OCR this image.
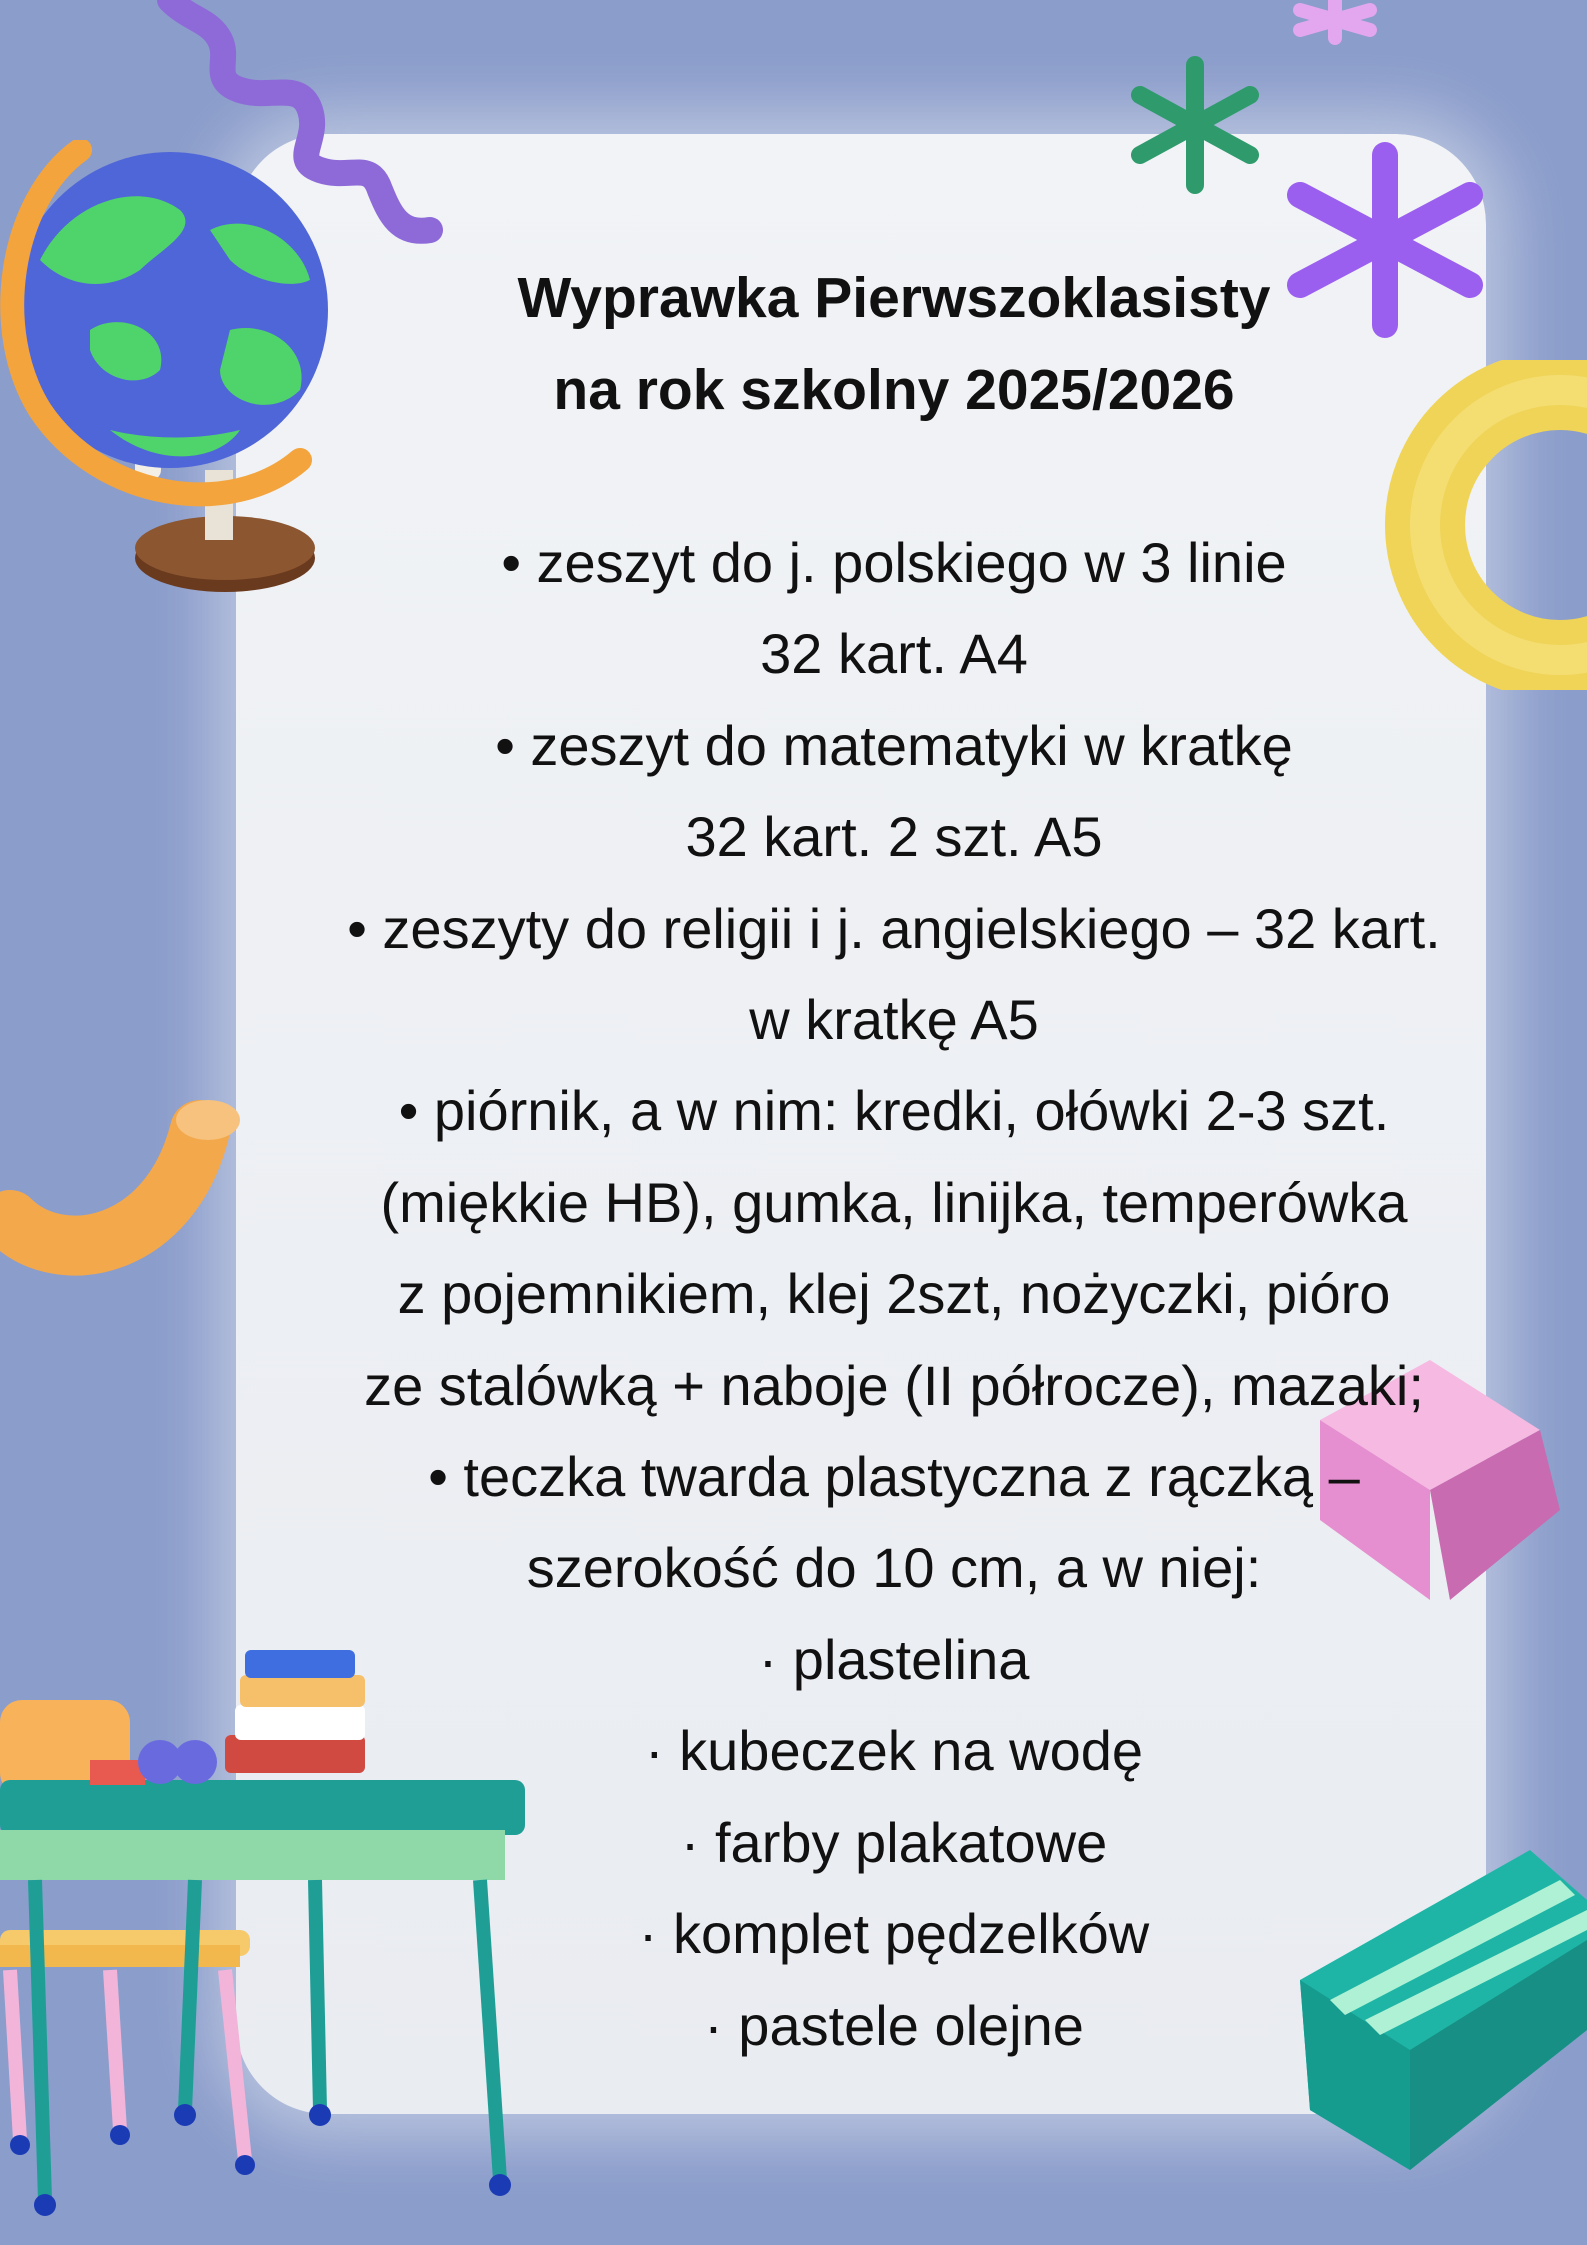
Wyprawka Pierwszoklasisty
na rok szkolny 2025/2026
• zeszyt do j. polskiego w 3 linie
32 kart. A4
• zeszyt do matematyki w kratkę
32 kart. 2 szt. A5
• zeszyty do religii i j. angielskiego – 32 kart.
w kratkę A5
• piórnik, a w nim: kredki, ołówki 2-3 szt.
(miękkie HB), gumka, linijka, temperówka
z pojemnikiem, klej 2szt, nożyczki, pióro
ze stalówką + naboje (II półrocze), mazaki;
• teczka twarda plastyczna z rączką –
szerokość do 10 cm, a w niej:
· plastelina
· kubeczek na wodę
· farby plakatowe
· komplet pędzelków
· pastele olejne
